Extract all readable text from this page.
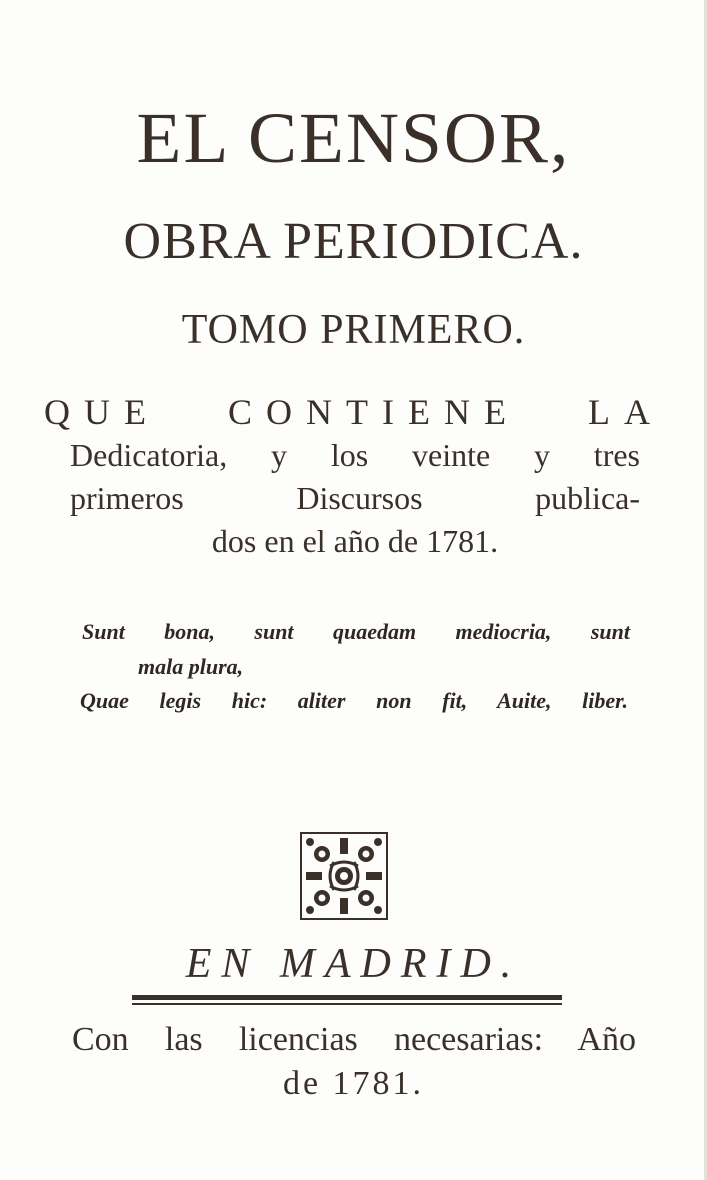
EL CENSOR,
OBRA PERIODICA.
TOMO PRIMERO.
QUE CONTIENE LA
Dedicatoria, y los veinte y tres
primeros Discursos publica-
dos en el año de 1781.
Sunt bona, sunt quaedam mediocria, sunt
mala plura,
Quae legis hic: aliter non fit, Auite, liber.
EN MADRID.
Con las licencias necesarias: Año
de 1781.
